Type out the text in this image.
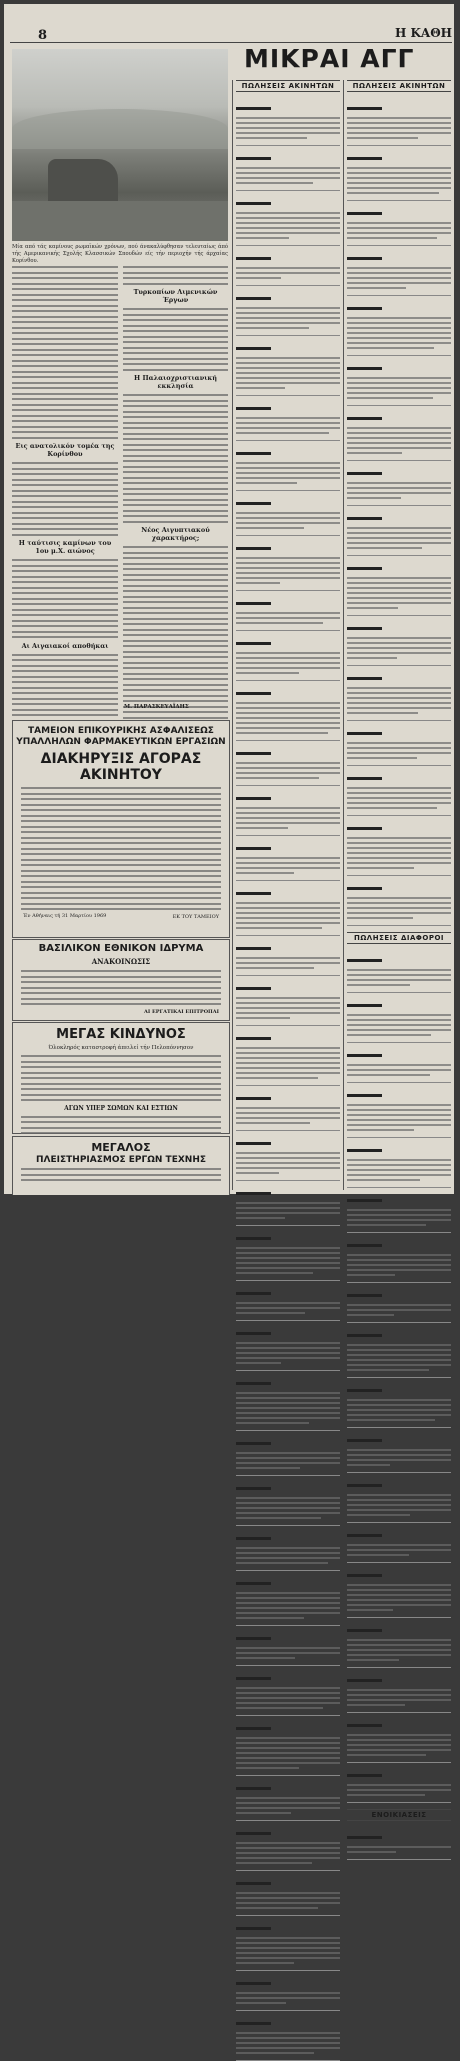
8	Η ΚΑΘΗ
ΜΙΚΡΑΙ ΑΓΓ
Μία από τάς καμίνους ρωμαϊκών χρόνων, πού άνακαλύφθησαν τελευταίως άπό τής Αμερικανικής Σχολής Κλασσικών Σπουδών είς τήν περιοχήν τής άρχαίας Κορίνθου.
Εις ανατολικόν τομέα της Κορίνθου
Η ταύτισις καμίνων του 1ου μ.Χ. αιώνος
Αι Αιγαιακοί αποθήκαι
Τυρκοπίων Λιμενικών Έργων
Η Παλαιοχριστιανική εκκλησία
Νέος Αιγυπτιακού χαρακτήρος;
Μ. ΠΑΡΑΣΚΕΥΑΪΔΗΣ
ΤΑΜΕΙΟΝ ΕΠΙΚΟΥΡΙΚΗΣ ΑΣΦΑΛΙΣΕΩΣ
ΥΠΑΛΛΗΛΩΝ ΦΑΡΜΑΚΕΥΤΙΚΩΝ ΕΡΓΑΣΙΩΝ
ΔΙΑΚΗΡΥΞΙΣ ΑΓΟΡΑΣ ΑΚΙΝΗΤΟΥ
ΕΚ ΤΟΥ ΤΑΜΕΙΟΥ
Έν Αθήναις τή 31 Μαρτίου 1969
ΒΑΣΙΛΙΚΟΝ ΕΘΝΙΚΟΝ ΙΔΡΥΜΑ
ΑΝΑΚΟΙΝΩΣΙΣ
ΑΙ ΕΡΓΑΤΙΚΑΙ ΕΠΙΤΡΟΠΑΙ
ΜΕΓΑΣ ΚΙΝΔΥΝΟΣ
Όλοκληρός καταστροφή άπειλεί τήν Πελοπόννησον
ΑΓΩΝ ΥΠΕΡ ΣΩΜΩΝ ΚΑΙ ΕΣΤΙΩΝ
ΜΕΓΑΛΟΣ
ΠΛΕΙΣΤΗΡΙΑΣΜΟΣ ΕΡΓΩΝ ΤΕΧΝΗΣ
ΠΩΛΗΣΕΙΣ ΑΚΙΝΗΤΩΝ	ΠΩΛΗΣΕΙΣ ΑΚΙΝΗΤΩΝ
ΠΩΛΗΣΕΙΣ ΔΙΑΦΟΡΟΙ
ΕΝΟΙΚΙΑΣΕΙΣ
